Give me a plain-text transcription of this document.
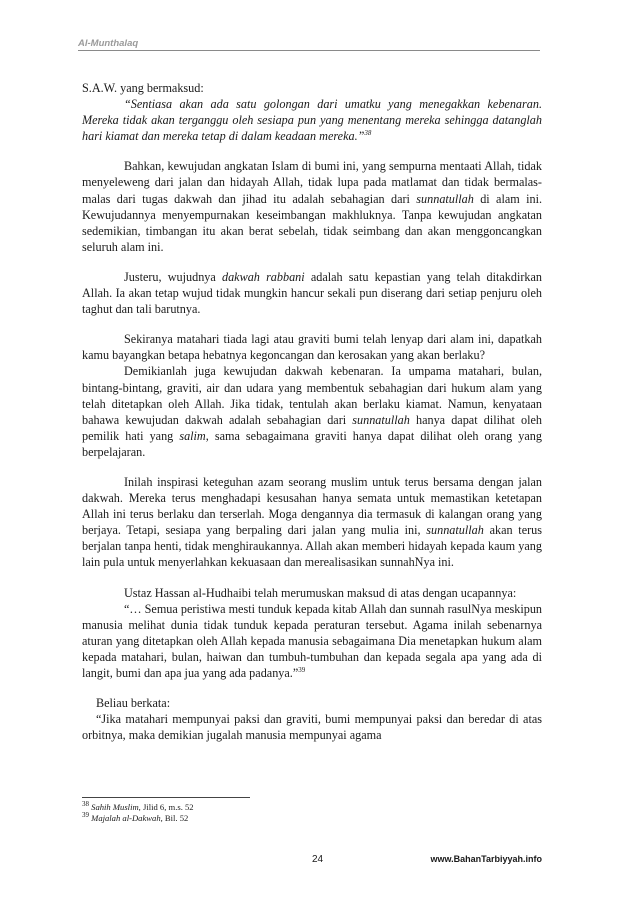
Al-Munthalaq

S.A.W. yang bermaksud:

“Sentiasa akan ada satu golongan dari umatku yang menegakkan kebenaran. Mereka tidak akan terganggu oleh sesiapa pun yang menentang mereka sehingga datanglah hari kiamat dan mereka tetap di dalam keadaan mereka.”$^{38}$

Bahkan, kewujudan angkatan Islam di bumi ini, yang sempurna mentaati Allah, tidak menyeleweng dari jalan dan hidayah Allah, tidak lupa pada matlamat dan tidak bermalas-malas dari tugas dakwah dan jihad itu adalah sebahagian dari sunnatullah di alam ini. Kewujudannya menyempurnakan keseimbangan makhluknya. Tanpa kewujudan angkatan sedemikian, timbangan itu akan berat sebelah, tidak seimbang dan akan menggoncangkan seluruh alam ini.

Justeru, wujudnya dakwah rabbani adalah satu kepastian yang telah ditakdirkan Allah. Ia akan tetap wujud tidak mungkin hancur sekali pun diserang dari setiap penjuru oleh taghut dan tali barutnya.

Sekiranya matahari tiada lagi atau graviti bumi telah lenyap dari alam ini, dapatkah kamu bayangkan betapa hebatnya kegoncangan dan kerosakan yang akan berlaku?

Demikianlah juga kewujudan dakwah kebenaran. Ia umpama matahari, bulan, bintang-bintang, graviti, air dan udara yang membentuk sebahagian dari hukum alam yang telah ditetapkan oleh Allah. Jika tidak, tentulah akan berlaku kiamat. Namun, kenyataan bahawa kewujudan dakwah adalah sebahagian dari sunnatullah hanya dapat dilihat oleh pemilik hati yang salim, sama sebagaimana graviti hanya dapat dilihat oleh orang yang berpelajaran.

Inilah inspirasi keteguhan azam seorang muslim untuk terus bersama dengan jalan dakwah. Mereka terus menghadapi kesusahan hanya semata untuk memastikan ketetapan Allah ini terus berlaku dan terserlah. Moga dengannya dia termasuk di kalangan orang yang berjaya. Tetapi, sesiapa yang berpaling dari jalan yang mulia ini, sunnatullah akan terus berjalan tanpa henti, tidak menghiraukannya. Allah akan memberi hidayah kepada kaum yang lain pula untuk menyerlahkan kekuasaan dan merealisasikan sunnahNya ini.

Ustaz Hassan al-Hudhaibi telah merumuskan maksud di atas dengan ucapannya:

“… Semua peristiwa mesti tunduk kepada kitab Allah dan sunnah rasulNya meskipun manusia melihat dunia tidak tunduk kepada peraturan tersebut. Agama inilah sebenarnya aturan yang ditetapkan oleh Allah kepada manusia sebagaimana Dia menetapkan hukum alam kepada matahari, bulan, haiwan dan tumbuh-tumbuhan dan kepada segala apa yang ada di langit, bumi dan apa jua yang ada padanya.”$^{39}$

Beliau berkata:

“Jika matahari mempunyai paksi dan graviti, bumi mempunyai paksi dan beredar di atas orbitnya, maka demikian jugalah manusia mempunyai agama

$^{38}$ Sahih Muslim, Jilid 6, m.s. 52

$^{39}$ Majalah al-Dakwah, Bil. 52

24	www.BahanTarbiyyah.info
